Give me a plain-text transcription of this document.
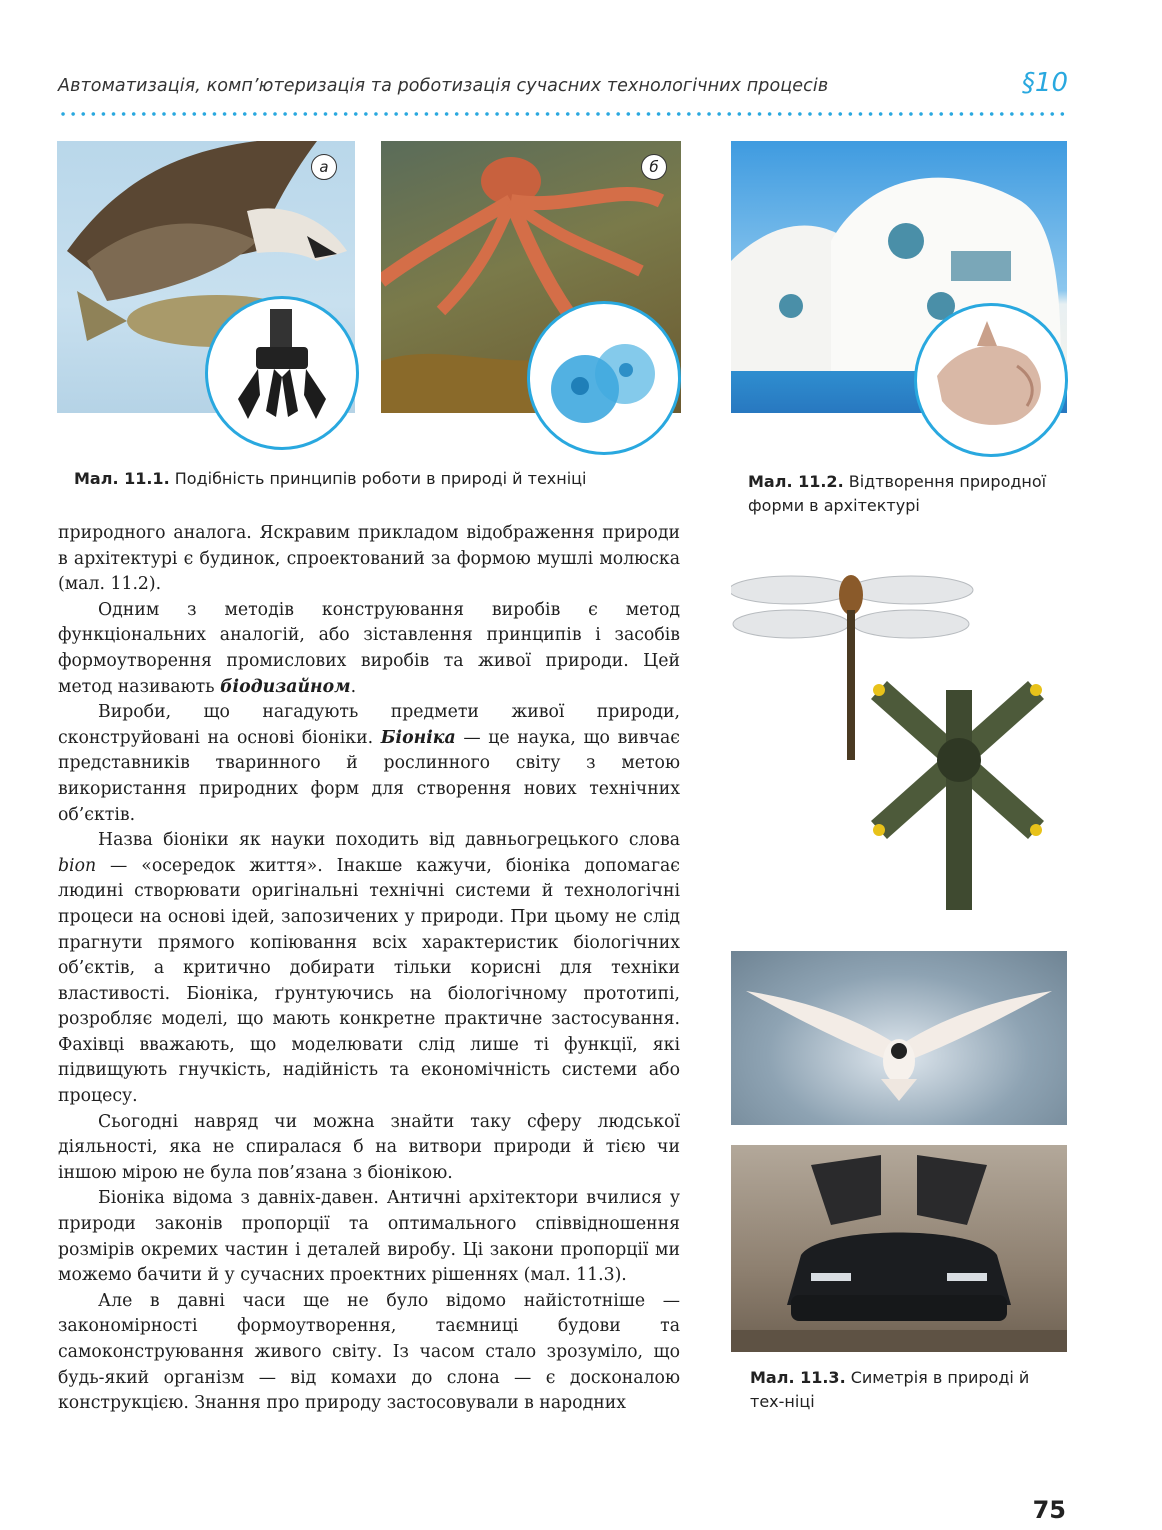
Автоматизація, комп’ютеризація та роботизація сучасних технологічних процесів	§10
а	б
Мал. 11.1. Подібність принципів роботи в природі й техніці	Мал. 11.2. Відтворення природної форми в архітектурі
Мал. 11.3. Симетрія в природі й тех-ніці

природного аналога. Яскравим прикладом відображення природи в архітектурі є будинок, спроектований за формою мушлі молюска (мал. 11.2).

Одним з методів конструювання виробів є метод функціональних аналогій, або зіставлення принципів і засобів формоутворення промислових виробів та живої природи. Цей метод називають біодизайном.

Вироби, що нагадують предмети живої природи, сконструйовані на основі біоніки. Біоніка — це наука, що вивчає представників тваринного й рослинного світу з метою використання природних форм для створення нових технічних об’єктів.

Назва біоніки як науки походить від давньогрецького слова bion — «осередок життя». Інакше кажучи, біоніка допомагає людині створювати оригінальні технічні системи й технологічні процеси на основі ідей, запозичених у природи. При цьому не слід прагнути прямого копіювання всіх характеристик біологічних об’єктів, а критично добирати тільки корисні для техніки властивості. Біоніка, ґрунтуючись на біологічному прототипі, розробляє моделі, що мають конкретне практичне застосування. Фахівці вважають, що моделювати слід лише ті функції, які підвищують гнучкість, надійність та економічність системи або процесу.

Сьогодні навряд чи можна знайти таку сферу людської діяльності, яка не спиралася б на витвори природи й тією чи іншою мірою не була пов’язана з біонікою.

Біоніка відома з давніх-давен. Античні архітектори вчилися у природи законів пропорції та оптимального співвідношення розмірів окремих частин і деталей виробу. Ці закони пропорції ми можемо бачити й у сучасних проектних рішеннях (мал. 11.3).

Але в давні часи ще не було відомо найістотніше — закономірності формоутворення, таємниці будови та самоконструювання живого світу. Із часом стало зрозуміло, що будь-який організм — від комахи до слона — є досконалою конструкцією. Знання про природу застосовували в народних

75
